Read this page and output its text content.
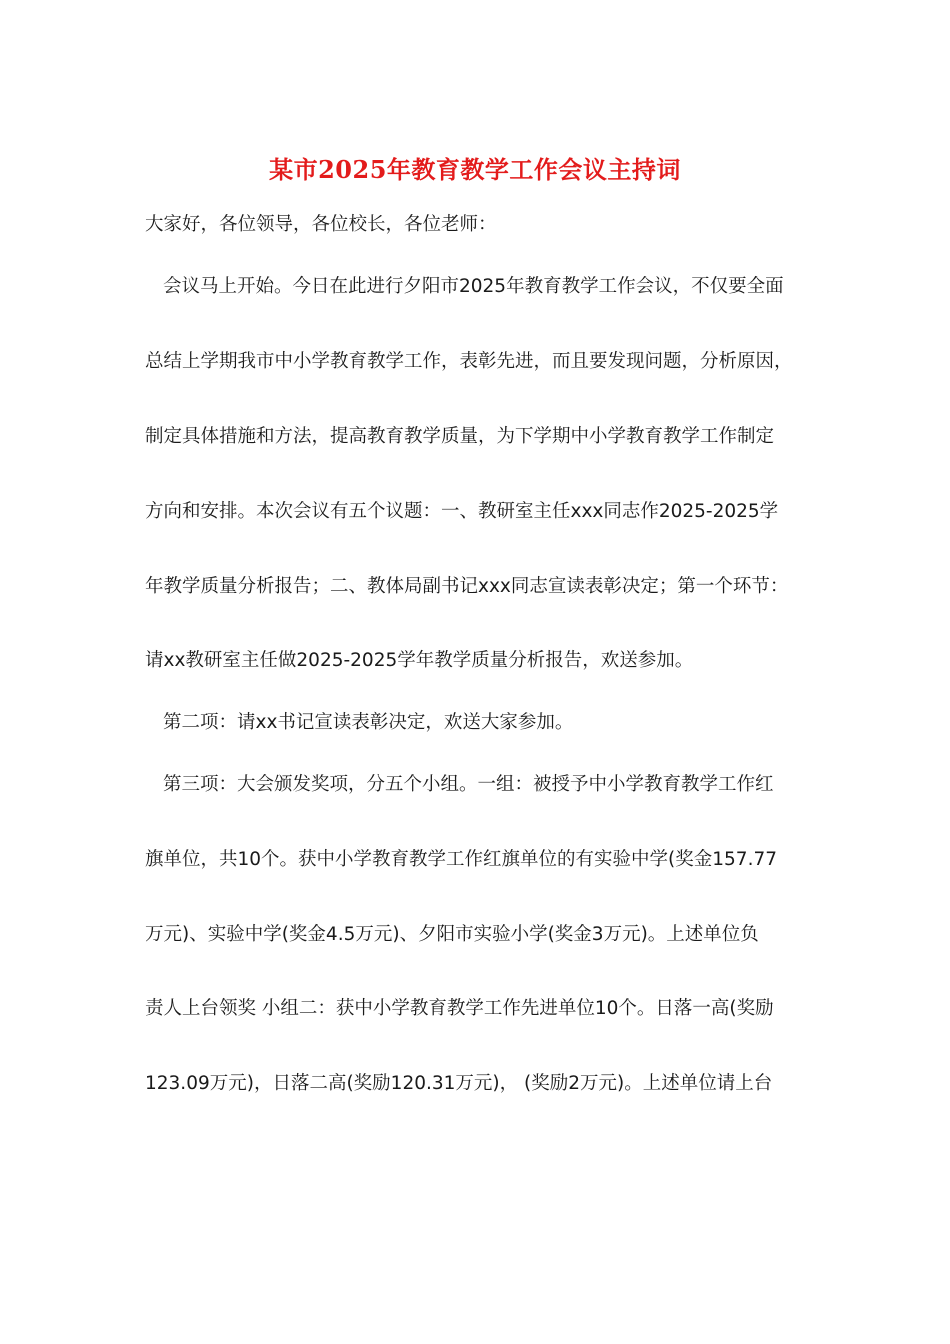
某市2025年教育教学工作会议主持词
大家好，各位领导，各位校长，各位老师：
会议马上开始。今日在此进行夕阳市2025年教育教学工作会议，不仅要全面
总结上学期我市中小学教育教学工作，表彰先进，而且要发现问题，分析原因，
制定具体措施和方法，提高教育教学质量，为下学期中小学教育教学工作制定
方向和安排。本次会议有五个议题：一、教研室主任xxx同志作2025-2025学
年教学质量分析报告；二、教体局副书记xxx同志宣读表彰决定；第一个环节：
请xx教研室主任做2025-2025学年教学质量分析报告，欢送参加。
第二项：请xx书记宣读表彰决定，欢送大家参加。
第三项：大会颁发奖项，分五个小组。一组：被授予中小学教育教学工作红
旗单位，共10个。获中小学教育教学工作红旗单位的有实验中学(奖金157.77
万元)、实验中学(奖金4.5万元)、夕阳市实验小学(奖金3万元)。上述单位负
责人上台领奖 小组二：获中小学教育教学工作先进单位10个。日落一高(奖励
123.09万元)，日落二高(奖励120.31万元)， (奖励2万元)。上述单位请上台
